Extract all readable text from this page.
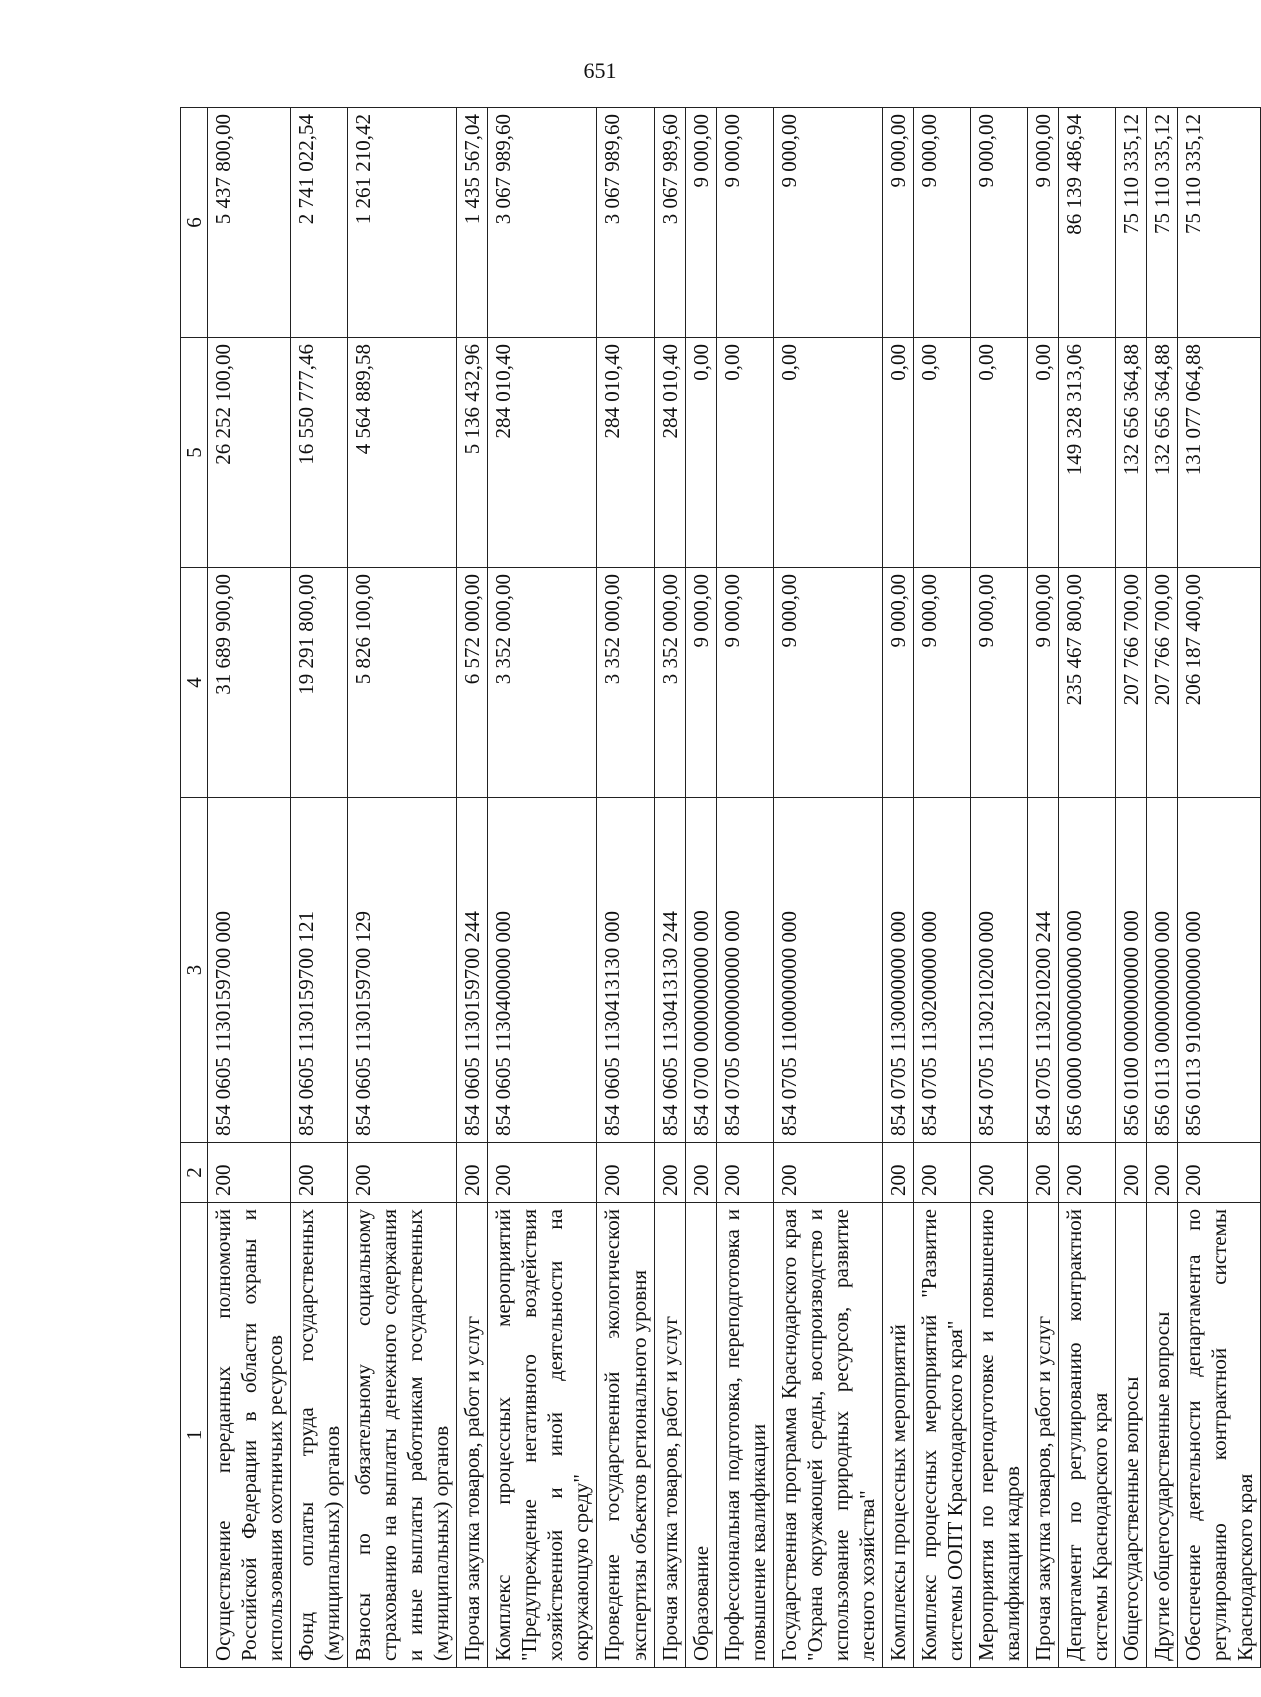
651
1	2	3	4	5	6
Осуществление переданных полномочий Российской Федерации в области охраны и использования охотничьих ресурсов	200	854 0605 1130159700 000	31 689 900,00	26 252 100,00	5 437 800,00
Фонд оплаты труда государственных (муниципальных) органов	200	854 0605 1130159700 121	19 291 800,00	16 550 777,46	2 741 022,54
Взносы по обязательному социальному страхованию на выплаты денежного содержания и иные выплаты работникам государственных (муниципальных) органов	200	854 0605 1130159700 129	5 826 100,00	4 564 889,58	1 261 210,42
Прочая закупка товаров, работ и услуг	200	854 0605 1130159700 244	6 572 000,00	5 136 432,96	1 435 567,04
Комплекс процессных мероприятий "Предупреждение негативного воздействия хозяйственной и иной деятельности на окружающую среду"	200	854 0605 1130400000 000	3 352 000,00	284 010,40	3 067 989,60
Проведение государственной экологической экспертизы объектов регионального уровня	200	854 0605 1130413130 000	3 352 000,00	284 010,40	3 067 989,60
Прочая закупка товаров, работ и услуг	200	854 0605 1130413130 244	3 352 000,00	284 010,40	3 067 989,60
Образование	200	854 0700 0000000000 000	9 000,00	0,00	9 000,00
Профессиональная подготовка, переподготовка и повышение квалификации	200	854 0705 0000000000 000	9 000,00	0,00	9 000,00
Государственная программа Краснодарского края "Охрана окружающей среды, воспроизводство и использование природных ресурсов, развитие лесного хозяйства"	200	854 0705 1100000000 000	9 000,00	0,00	9 000,00
Комплексы процессных мероприятий	200	854 0705 1130000000 000	9 000,00	0,00	9 000,00
Комплекс процессных мероприятий "Развитие системы ООПТ Краснодарского края"	200	854 0705 1130200000 000	9 000,00	0,00	9 000,00
Мероприятия по переподготовке и повышению квалификации кадров	200	854 0705 1130210200 000	9 000,00	0,00	9 000,00
Прочая закупка товаров, работ и услуг	200	854 0705 1130210200 244	9 000,00	0,00	9 000,00
Департамент по регулированию контрактной системы Краснодарского края	200	856 0000 0000000000 000	235 467 800,00	149 328 313,06	86 139 486,94
Общегосударственные вопросы	200	856 0100 0000000000 000	207 766 700,00	132 656 364,88	75 110 335,12
Другие общегосударственные вопросы	200	856 0113 0000000000 000	207 766 700,00	132 656 364,88	75 110 335,12
Обеспечение деятельности департамента по регулированию контрактной системы Краснодарского края	200	856 0113 9100000000 000	206 187 400,00	131 077 064,88	75 110 335,12
